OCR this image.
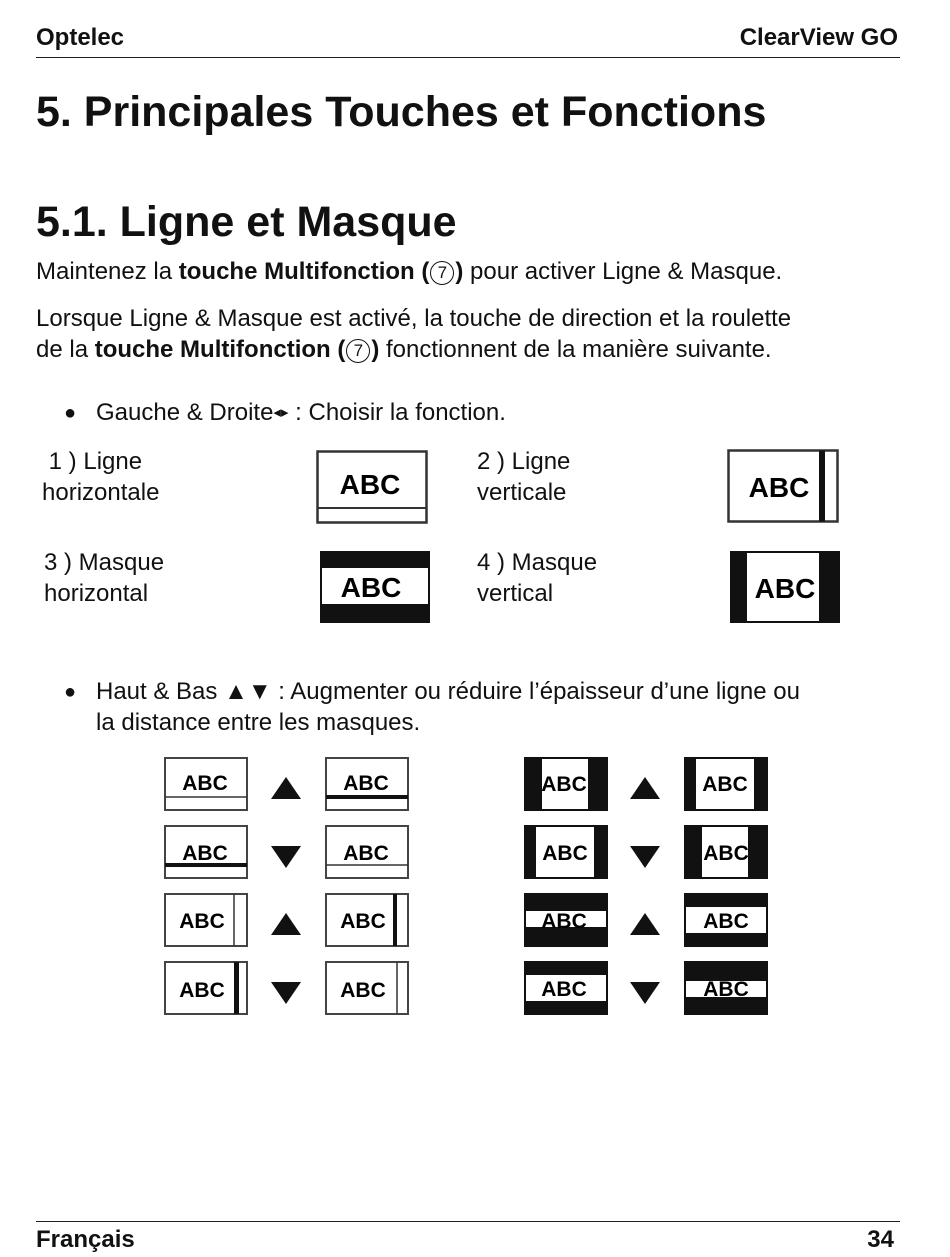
Optelec	ClearView GO
5. Principales Touches et Fonctions
5.1. Ligne et Masque
Maintenez la touche Multifonction ( 7 ) pour activer Ligne & Masque.
Lorsque Ligne & Masque est activé, la touche de direction et la roulette
de la touche Multifonction ( 7 ) fonctionnent de la manière suivante.
● Gauche & Droite◂▸ : Choisir la fonction.
1 ) Ligne
horizontale
2 ) Ligne
verticale
3 ) Masque
horizontal
4 ) Masque
vertical
ABC	ABC
ABC	ABC
● Haut & Bas ▲▼ : Augmenter ou réduire l’épaisseur d’une ligne ou
la distance entre les masques.
ABC	ABC
ABC	ABC
ABC	ABC
ABC	ABC
ABC	ABC
ABC	ABC
ABC	ABC
ABC	ABC
Français	34
